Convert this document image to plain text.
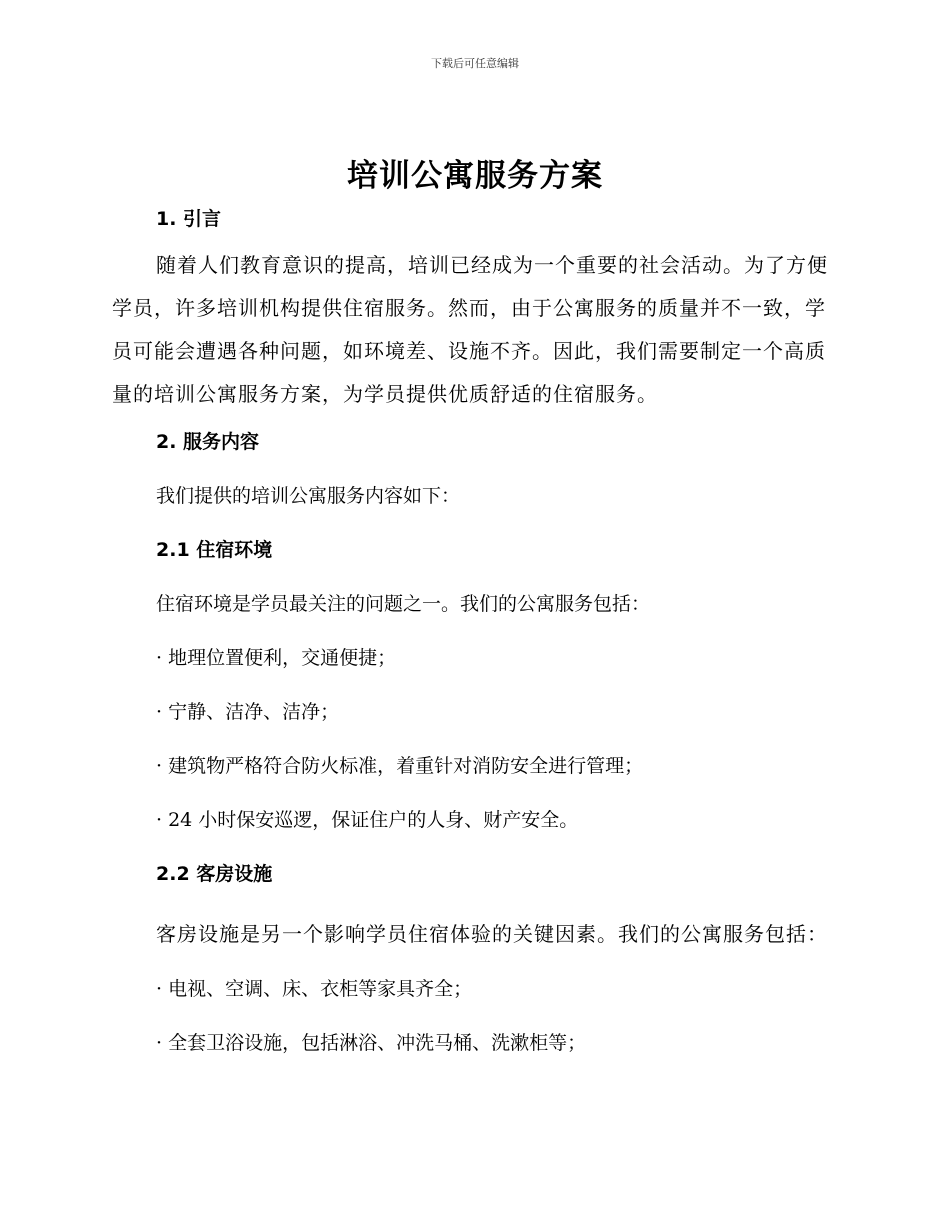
下载后可任意编辑
培训公寓服务方案

1. 引言

随着人们教育意识的提高，培训已经成为一个重要的社会活动。为了方便学员，许多培训机构提供住宿服务。然而，由于公寓服务的质量并不一致，学员可能会遭遇各种问题，如环境差、设施不齐。因此，我们需要制定一个高质量的培训公寓服务方案，为学员提供优质舒适的住宿服务。

2. 服务内容

我们提供的培训公寓服务内容如下：

2.1 住宿环境

住宿环境是学员最关注的问题之一。我们的公寓服务包括：

· 地理位置便利，交通便捷；

· 宁静、洁净、洁净；

· 建筑物严格符合防火标准，着重针对消防安全进行管理；

· 24 小时保安巡逻，保证住户的人身、财产安全。

2.2 客房设施

客房设施是另一个影响学员住宿体验的关键因素。我们的公寓服务包括：

· 电视、空调、床、衣柜等家具齐全；

· 全套卫浴设施，包括淋浴、冲洗马桶、洗漱柜等；
